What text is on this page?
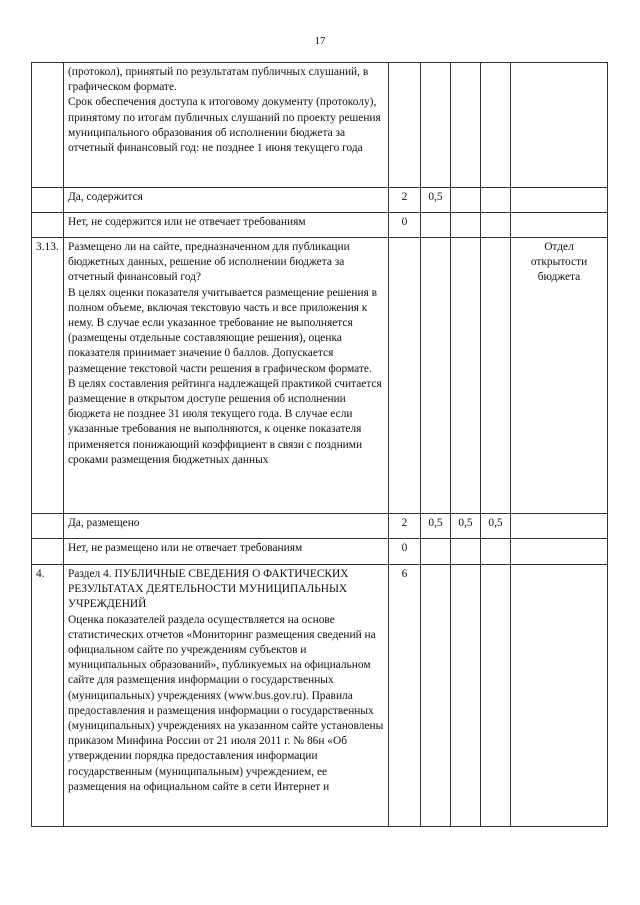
17

	(протокол), принятый по результатам публичных слушаний, в графическом формате.
Срок обеспечения доступа к итоговому документу (протоколу), принятому по итогам публичных слушаний по проекту решения муниципального образования об исполнении бюджета за отчетный финансовый год: не позднее 1 июня текущего года					

	Да, содержится	2	0,5			

	Нет, не содержится или не отвечает требованиям	0				
3.13.	Размещено ли на сайте, предназначенном для публикации бюджетных данных, решение об исполнении бюджета за отчетный финансовый год?
В целях оценки показателя учитывается размещение решения в полном объеме, включая текстовую часть и все приложения к нему. В случае если указанное требование не выполняется (размещены отдельные составляющие решения), оценка показателя принимает значение 0 баллов. Допускается размещение текстовой части решения в графическом формате.
В целях составления рейтинга надлежащей практикой считается размещение в открытом доступе решения об исполнении бюджета не позднее 31 июля текущего года. В случае если указанные требования не выполняются, к оценке показателя применяется понижающий коэффициент в связи с поздними сроками размещения бюджетных данных					Отдел открытости бюджета

	Да, размещено	2	0,5	0,5	0,5	

	Нет, не размещено или не отвечает требованиям	0				
4.	Раздел 4. ПУБЛИЧНЫЕ СВЕДЕНИЯ О ФАКТИЧЕСКИХ РЕЗУЛЬТАТАХ ДЕЯТЕЛЬНОСТИ МУНИЦИПАЛЬНЫХ УЧРЕЖДЕНИЙ
Оценка показателей раздела осуществляется на основе статистических отчетов «Мониторинг размещения сведений на официальном сайте по учреждениям субъектов и муниципальных образований», публикуемых на официальном сайте для размещения информации о государственных (муниципальных) учреждениях (www.bus.gov.ru). Правила предоставления и размещения информации о государственных (муниципальных) учреждениях на указанном сайте установлены приказом Минфина России от 21 июля 2011 г. № 86н «Об утверждении порядка предоставления информации государственным (муниципальным) учреждением, ее размещения на официальном сайте в сети Интернет и	6				
